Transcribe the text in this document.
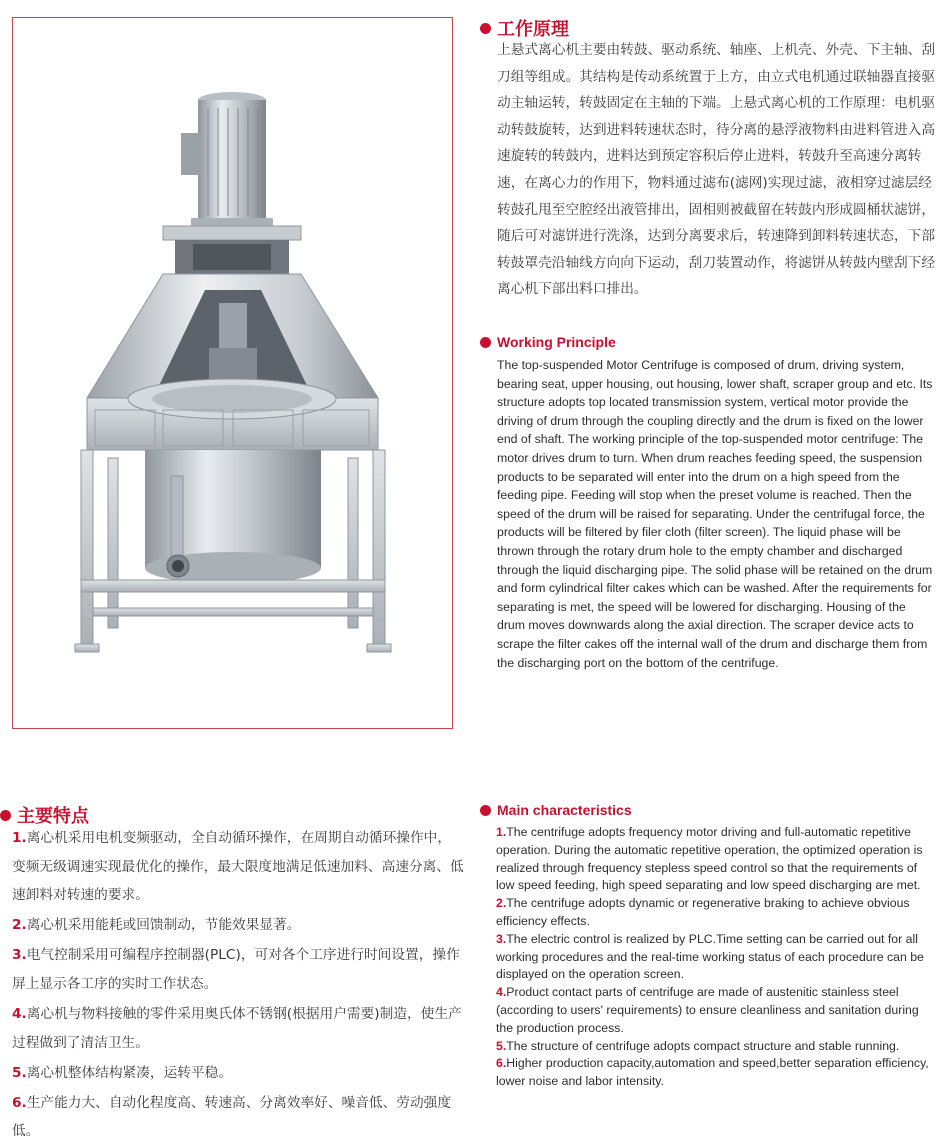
工作原理
上悬式离心机主要由转鼓、驱动系统、轴座、上机壳、外壳、下主轴、刮刀组等组成。其结构是传动系统置于上方，由立式电机通过联轴器直接驱动主轴运转，转鼓固定在主轴的下端。上悬式离心机的工作原理：电机驱动转鼓旋转，达到进料转速状态时，待分离的悬浮液物料由进料管进入高速旋转的转鼓内，进料达到预定容积后停止进料，转鼓升至高速分离转速，在离心力的作用下，物料通过滤布(滤网)实现过滤，液相穿过滤层经转鼓孔甩至空腔经出液管排出，固相则被截留在转鼓内形成圆桶状滤饼，随后可对滤饼进行洗涤，达到分离要求后，转速降到卸料转速状态，下部转鼓罩壳沿轴线方向向下运动，刮刀装置动作，将滤饼从转鼓内壁刮下经离心机下部出料口排出。
Working Principle
The top-suspended Motor Centrifuge is composed of drum, driving system, bearing seat, upper housing, out housing, lower shaft, scraper group and etc. Its structure adopts top located transmission system, vertical motor provide the driving of drum through the coupling directly and the drum is fixed on the lower end of shaft. The working principle of the top-suspended motor centrifuge: The motor drives drum to turn. When drum reaches feeding speed, the suspension products to be separated will enter into the drum on a high speed from the feeding pipe. Feeding will stop when the preset volume is reached. Then the speed of the drum will be raised for separating. Under the centrifugal force, the products will be filtered by filer cloth (filter screen). The liquid phase will be thrown through the rotary drum hole to the empty chamber and discharged through the liquid discharging pipe. The solid phase will be retained on the drum and form cylindrical filter cakes which can be washed. After the requirements for separating is met, the speed will be lowered for discharging. Housing of the drum moves downwards along the axial direction. The scraper device acts to scrape the filter cakes off the internal wall of the drum and discharge them from the discharging port on the bottom of the centrifuge.
主要特点

1.离心机采用电机变频驱动，全自动循环操作，在周期自动循环操作中，变频无级调速实现最优化的操作，最大限度地满足低速加料、高速分离、低速卸料对转速的要求。

2.离心机采用能耗或回馈制动，节能效果显著。

3.电气控制采用可编程序控制器(PLC)，可对各个工序进行时间设置，操作屏上显示各工序的实时工作状态。

4.离心机与物料接触的零件采用奥氏体不锈钢(根据用户需要)制造，使生产过程做到了清洁卫生。

5.离心机整体结构紧凑，运转平稳。

6.生产能力大、自动化程度高、转速高、分离效率好、噪音低、劳动强度低。

Main characteristics

1.The centrifuge adopts frequency motor driving and full-automatic repetitive operation. During the automatic repetitive operation, the optimized operation is realized through frequency stepless speed control so that the requirements of low speed feeding, high speed separating and low speed discharging are met.

2.The centrifuge adopts dynamic or regenerative braking to achieve obvious efficiency effects.

3.The electric control is realized by PLC.Time setting can be carried out for all working procedures and the real-time working status of each procedure can be displayed on the operation screen.

4.Product contact parts of centrifuge are made of austenitic stainless steel (according to users' requirements) to ensure cleanliness and sanitation during the production process.

5.The structure of centrifuge adopts compact structure and stable running.

6.Higher production capacity,automation and speed,better separation efficiency, lower noise and labor intensity.
